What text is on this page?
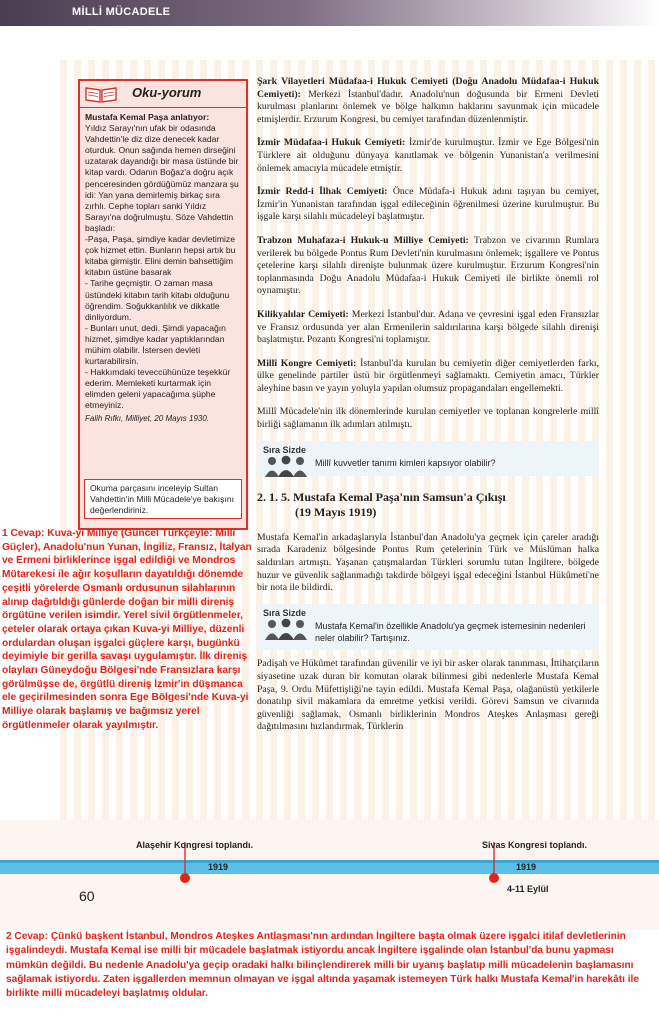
MİLLİ MÜCADELE
Oku-yorum
Mustafa Kemal Paşa anlatıyor:

Yıldız Sarayı'nın ufak bir odasında Vahdettin'le diz dize denecek kadar oturduk. Onun sağında hemen dirseğini uzatarak dayandığı bir masa üstünde bir kitap vardı. Odanın Boğaz'a doğru açık penceresinden gördüğümüz manzara şu idi: Yan yana demirlemiş birkaç sıra zırhlı. Cephe topları sanki Yıldız Sarayı'na doğrulmuştu. Söze Vahdettin başladı:

-Paşa, Paşa, şimdiye kadar devletimize çok hizmet ettin. Bunların hepsi artık bu kitaba girmiştir. Elini demin bahsettiğim kitabın üstüne basarak

- Tarihe geçmiştir. O zaman masa üstündeki kitabın tarih kitabı olduğunu öğrendim. Soğukkanlılık ve dikkatle dinliyordum.

- Bunları unut, dedi. Şimdi yapacağın hizmet, şimdiye kadar yaptıklarından mühim olabilir. İstersen devleti kurtarabilirsin.

- Hakkımdaki teveccühünüze teşekkür ederim. Memleketi kurtarmak için elimden geleni yapacağıma şüphe etmeyiniz.

Falih Rıfkı, Milliyet, 20 Mayıs 1930.
Okuma parçasını inceleyip Sultan Vahdettin'in Milli Mücadele'ye bakışını değerlendiriniz.

Şark Vilayetleri Müdafaa-i Hukuk Cemiyeti (Doğu Anadolu Müdafaa-i Hukuk Cemiyeti): Merkezi İstanbul'dadır. Anadolu'nun doğusunda bir Ermeni Devleti kurulması planlarını önlemek ve bölge halkının haklarını savunmak için mücadele etmişlerdir. Erzurum Kongresi, bu cemiyet tarafından düzenlenmiştir.

İzmir Müdafaa-i Hukuk Cemiyeti: İzmir'de kurulmuştur. İzmir ve Ege Bölgesi'nin Türklere ait olduğunu dünyaya kanıtlamak ve bölgenin Yunanistan'a verilmesini önlemek amacıyla mücadele etmiştir.

İzmir Redd-i İlhak Cemiyeti: Önce Müdafa-i Hukuk adını taşıyan bu cemiyet, İzmir'in Yunanistan tarafından işgal edileceğinin öğrenilmesi üzerine kurulmuştur. Bu işgale karşı silahlı mücadeleyi başlatmıştır.

Trabzon Muhafaza-i Hukuk-u Milliye Cemiyeti: Trabzon ve civarının Rumlara verilerek bu bölgede Pontus Rum Devleti'nin kurulmasını önlemek; işgallere ve Pontus çetelerine karşı silahlı direnişte bulunmak üzere kurulmuştur. Erzurum Kongresi'nin toplanmasında Doğu Anadolu Müdafaa-i Hukuk Cemiyeti ile birlikte önemli rol oynamıştır.

Kilikyalılar Cemiyeti: Merkezi İstanbul'dur. Adana ve çevresini işgal eden Fransızlar ve Fransız ordusunda yer alan Ermenilerin saldırılarına karşı bölgede silahlı direnişi başlatmıştır. Pozantı Kongresi'ni toplamıştır.

Millî Kongre Cemiyeti: İstanbul'da kurulan bu cemiyetin diğer cemiyetlerden farkı, ülke genelinde partiler üstü bir örgütlenmeyi sağlamaktı. Cemiyetin amacı, Türkler aleyhine basın ve yayın yoluyla yapılan olumsuz propagandaları engellemekti.

Millî Mücadele'nin ilk dönemlerinde kurulan cemiyetler ve toplanan kongrelerle millî birliği sağlamanın ilk adımları atılmıştı.

Sıra Sizde
Millî kuvvetler tanımı kimleri kapsıyor olabilir?
2. 1. 5. Mustafa Kemal Paşa'nın Samsun'a Çıkışı
(19 Mayıs 1919)

Mustafa Kemal'in arkadaşlarıyla İstanbul'dan Anadolu'ya geçmek için çareler aradığı sırada Karadeniz bölgesinde Pontus Rum çetelerinin Türk ve Müslüman halka saldırıları artmıştı. Yaşanan çatışmalardan Türkleri sorumlu tutan İngiltere, bölgede huzur ve güvenlik sağlanmadığı takdirde bölgeyi işgal edeceğini İstanbul Hükûmeti'ne bir nota ile bildirdi.

Sıra Sizde
Mustafa Kemal'in özellikle Anadolu'ya geçmek istemesinin nedenleri neler olabilir? Tartışınız.

Padişah ve Hükûmet tarafından güvenilir ve iyi bir asker olarak tanınması, İttihatçıların siyasetine uzak duran bir komutan olarak bilinmesi gibi nedenlerle Mustafa Kemal Paşa, 9. Ordu Müfettişliği'ne tayin edildi. Mustafa Kemal Paşa, olağanüstü yetkilerle donatılıp sivil makamlara da emretme yetkisi verildi. Görevi Samsun ve civarında güvenliği sağlamak, Osmanlı birliklerinin Mondros Ateşkes Anlaşması gereği dağıtılmasını hızlandırmak, Türklerin

1 Cevap: Kuva-yi Milliye (Güncel Türkçeyle: Milli Güçler), Anadolu'nun Yunan, İngiliz, Fransız, İtalyan ve Ermeni birliklerince işgal edildiği ve Mondros Mütarekesi ile ağır koşulların dayatıldığı dönemde çeşitli yörelerde Osmanlı ordusunun silahlarının alınıp dağıtıldığı günlerde doğan bir milli direniş örgütüne verilen isimdir. Yerel sivil örgütlenmeler, çeteler olarak ortaya çıkan Kuva-yi Milliye, düzenli ordulardan oluşan işgalci güçlere karşı, bugünkü deyimiyle bir gerilla savaşı uygulamıştır. İlk direniş olayları Güneydoğu Bölgesi'nde Fransızlara karşı görülmüşse de, örgütlü direniş İzmir'in düşmanca ele geçirilmesinden sonra Ege Bölgesi'nde Kuva-yi Milliye olarak başlamış ve bağımsız yerel örgütlenmeler olarak yayılmıştır.
Alaşehir Kongresi toplandı.
1919
Sivas Kongresi toplandı.
1919
4-11 Eylül
60
2 Cevap: Çünkü başkent İstanbul, Mondros Ateşkes Antlaşması'nın ardından İngiltere başta olmak üzere işgalci itilaf devletlerinin işgalindeydi. Mustafa Kemal ise milli bir mücadele başlatmak istiyordu ancak İngiltere işgalinde olan İstanbul'da bunu yapması mümkün değildi. Bu nedenle Anadolu'ya geçip oradaki halkı bilinçlendirerek milli bir uyanış başlatıp milli mücadelenin başlamasını sağlamak istiyordu. Zaten işgallerden memnun olmayan ve işgal altında yaşamak istemeyen Türk halkı Mustafa Kemal'in harekâtı ile birlikte milli mücadeleyi başlatmış oldular.
